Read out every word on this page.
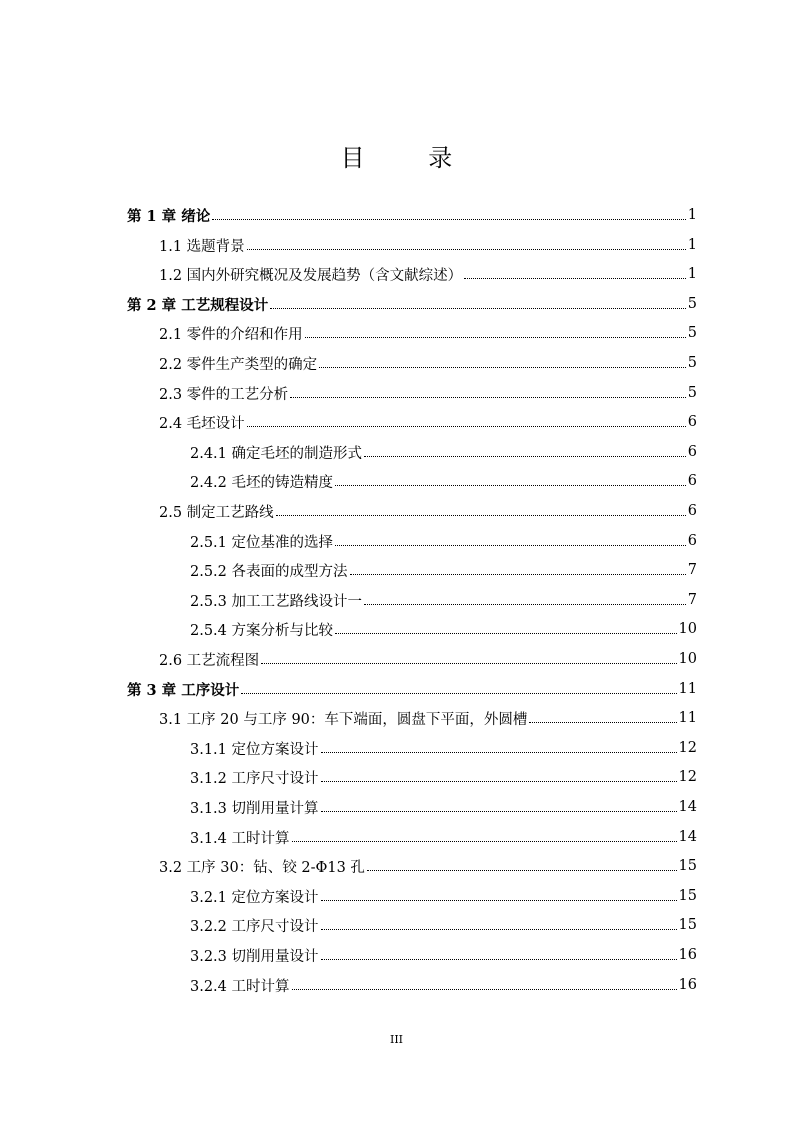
目 录
第 1 章 绪论	1
1.1 选题背景	1
1.2 国内外研究概况及发展趋势（含文献综述）	1
第 2 章 工艺规程设计	5
2.1 零件的介绍和作用	5
2.2 零件生产类型的确定	5
2.3 零件的工艺分析	5
2.4 毛坯设计	6
2.4.1 确定毛坯的制造形式	6
2.4.2 毛坯的铸造精度	6
2.5 制定工艺路线	6
2.5.1 定位基准的选择	6
2.5.2 各表面的成型方法	7
2.5.3 加工工艺路线设计一	7
2.5.4 方案分析与比较	10
2.6 工艺流程图	10
第 3 章 工序设计	11
3.1 工序 20 与工序 90：车下端面，圆盘下平面，外圆槽	11
3.1.1 定位方案设计	12
3.1.2 工序尺寸设计	12
3.1.3 切削用量计算	14
3.1.4 工时计算	14
3.2 工序 30：钻、铰 2-Φ13 孔	15
3.2.1 定位方案设计	15
3.2.2 工序尺寸设计	15
3.2.3 切削用量设计	16
3.2.4 工时计算	16
III
